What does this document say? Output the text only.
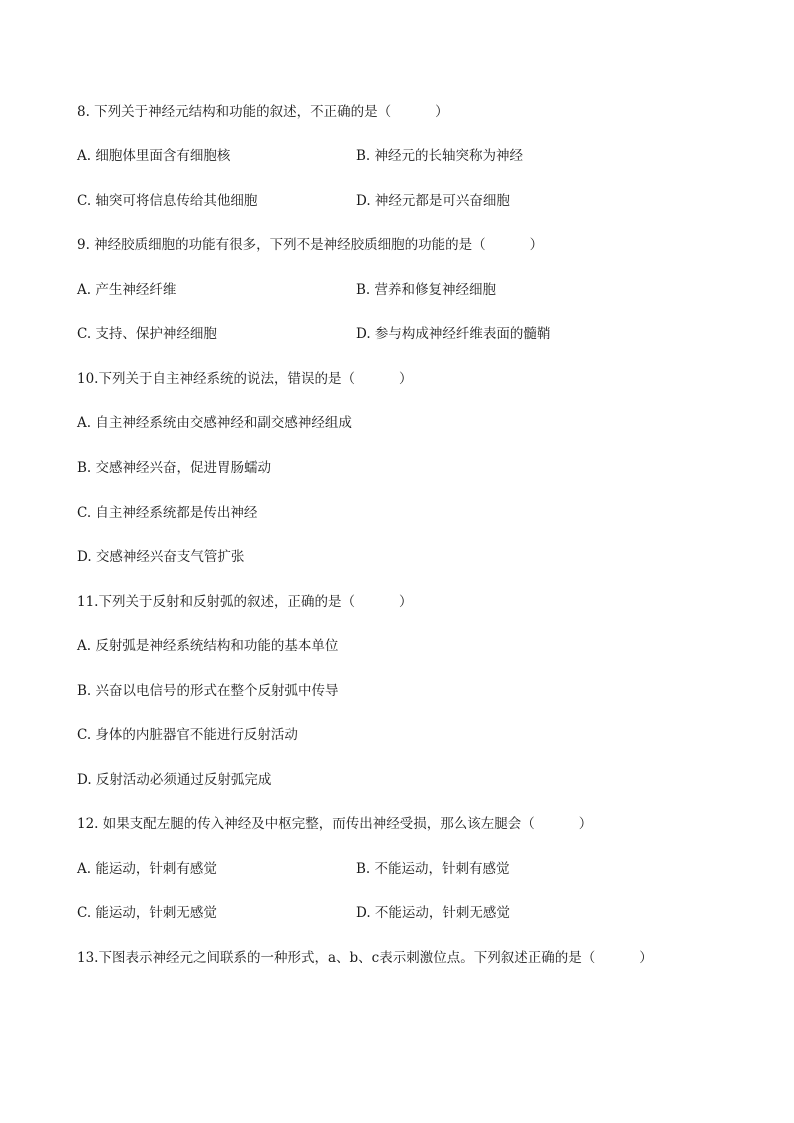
8. 下列关于神经元结构和功能的叙述，不正确的是（	）
A. 细胞体里面含有细胞核	B. 神经元的长轴突称为神经
C. 轴突可将信息传给其他细胞	D. 神经元都是可兴奋细胞
9. 神经胶质细胞的功能有很多，下列不是神经胶质细胞的功能的是（	）
A. 产生神经纤维	B. 营养和修复神经细胞
C. 支持、保护神经细胞	D. 参与构成神经纤维表面的髓鞘
10.下列关于自主神经系统的说法，错误的是（	）
A. 自主神经系统由交感神经和副交感神经组成
B. 交感神经兴奋，促进胃肠蠕动
C. 自主神经系统都是传出神经
D. 交感神经兴奋支气管扩张
11.下列关于反射和反射弧的叙述，正确的是（	）
A. 反射弧是神经系统结构和功能的基本单位
B. 兴奋以电信号的形式在整个反射弧中传导
C. 身体的内脏器官不能进行反射活动
D. 反射活动必须通过反射弧完成
12. 如果支配左腿的传入神经及中枢完整，而传出神经受损，那么该左腿会（	）
A. 能运动，针刺有感觉	B. 不能运动，针刺有感觉
C. 能运动，针刺无感觉	D. 不能运动，针刺无感觉
13.下图表示神经元之间联系的一种形式，a、b、c表示刺激位点。下列叙述正确的是（	）
